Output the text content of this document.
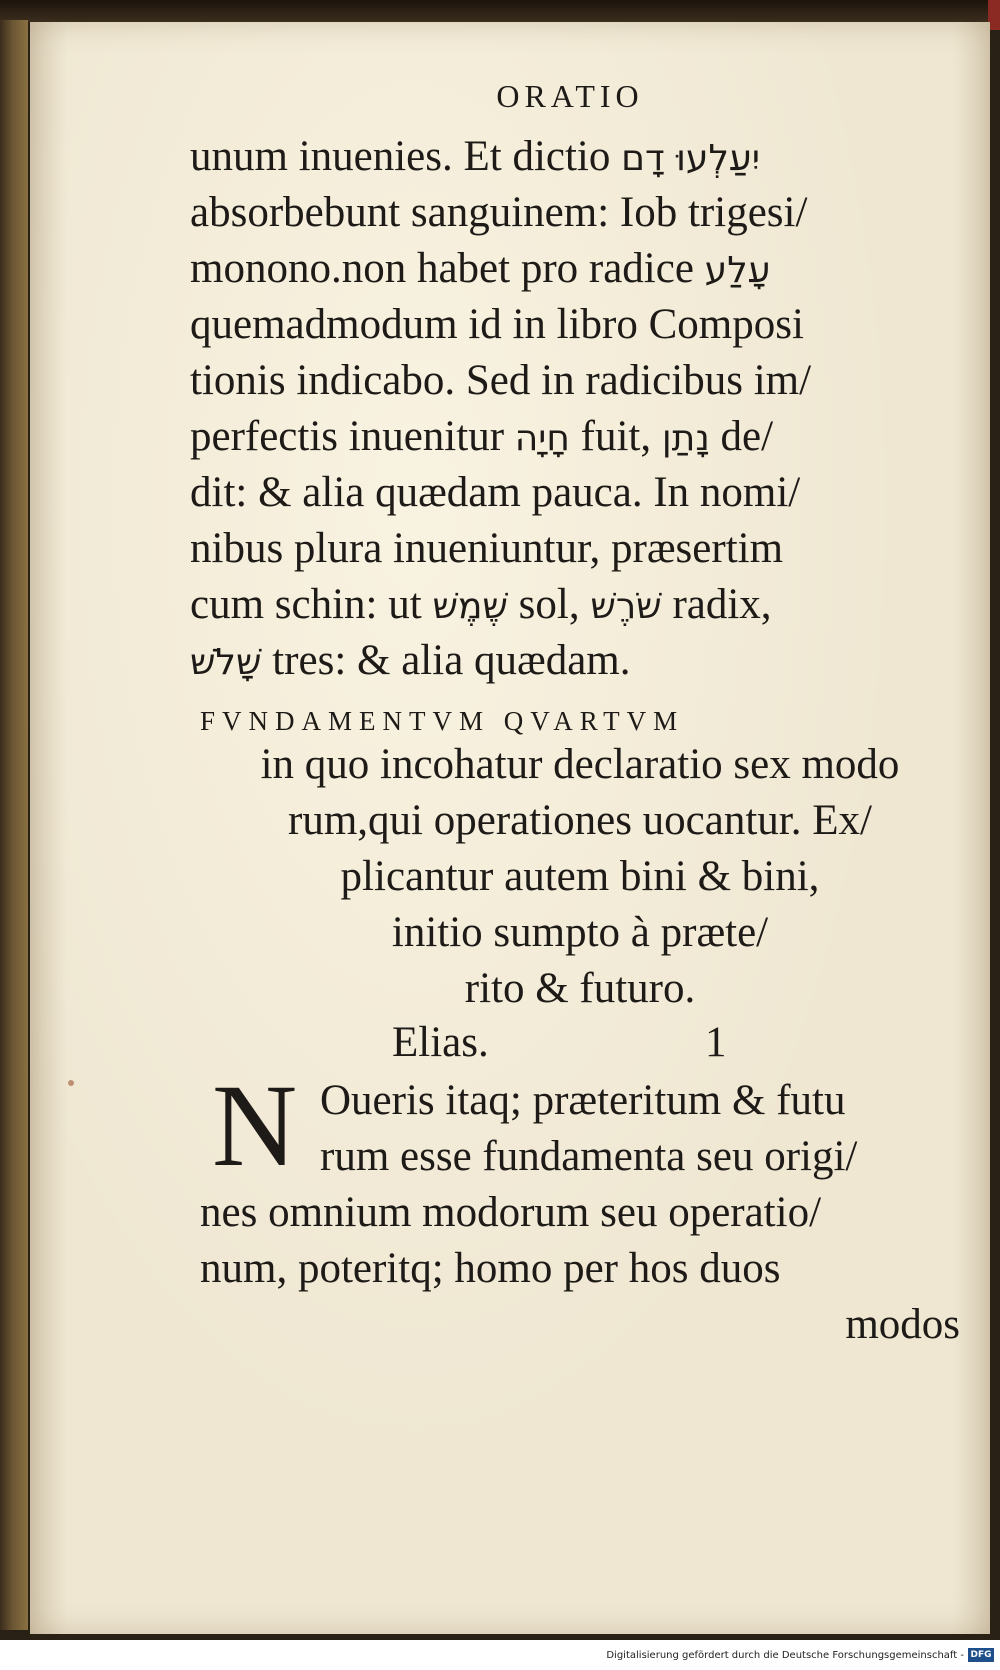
ORATIO
unum inuenies. Et dictio יִעַלְעוּ דָם
absorbebunt sanguinem: Iob trigesi/
monono.non habet pro radice עָלַע
quemadmodum id in libro Composi
tionis indicabo. Sed in radicibus im/
perfectis inuenitur חָיָה fuit, נָתַן de/
dit: & alia quædam pauca. In nomi/
nibus plura inueniuntur, præsertim
cum schin: ut שֶׁמֶשׁ sol, שֹׁרֶשׁ radix,
שָׁלֹשׁ tres: & alia quædam.
FVNDAMENTVM QVARTVM
in quo incohatur declaratio sex modo
rum,qui operationes uocantur. Ex/
plicantur autem bini & bini,
initio sumpto à præte/
rito & futuro.
Elias.	1
N Oueris itaq; præteritum & futu
rum esse fundamenta seu origi/
nes omnium modorum seu operatio/
num, poteritq; homo per hos duos
modos
Digitalisierung gefördert durch die Deutsche Forschungsgemeinschaft - DFG
